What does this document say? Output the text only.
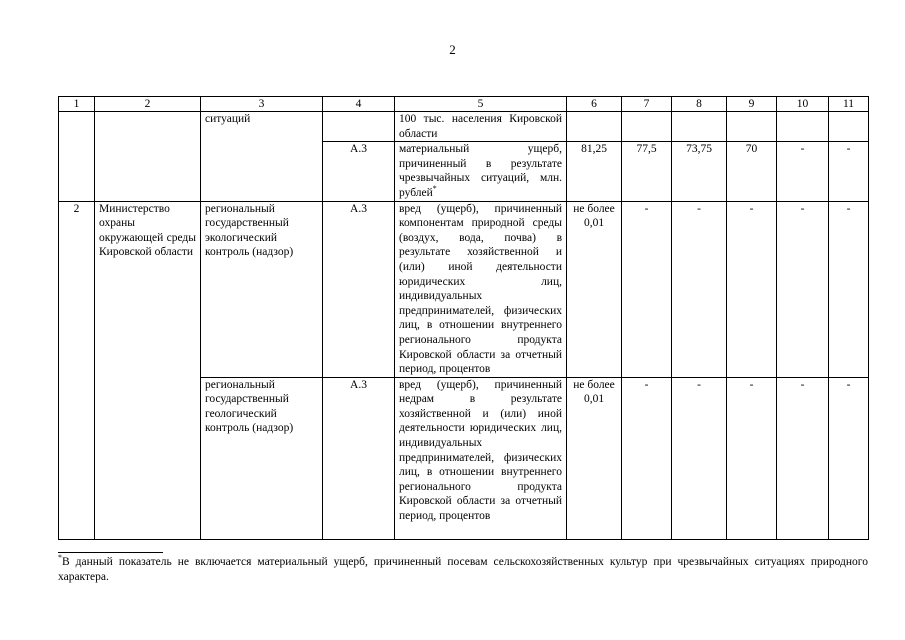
2
1	2	3	4	5	6	7	8	9	10	11
		ситуаций		100 тыс. населения Кировской области						
			А.3	материальный ущерб, причиненный в результате чрезвычайных ситуаций, млн. рублей*	81,25	77,5	73,75	70	-	-
2	Министерство охраны окружающей среды Кировской области	региональный государственный экологический контроль (надзор)	А.3	вред (ущерб), причиненный компонентам природной среды (воздух, вода, почва) в результате хозяйственной и (или) иной деятельности юридических лиц, индивидуальных предпринимателей, физических лиц, в отношении внутреннего регионального продукта Кировской области за отчетный период, процентов	не более 0,01	-	-	-	-	-
		региональный государственный геологический контроль (надзор)	А.3	вред (ущерб), причиненный недрам в результате хозяйственной и (или) иной деятельности юридических лиц, индивидуальных предпринимателей, физических лиц, в отношении внутреннего регионального продукта Кировской области за отчетный период, процентов	не более 0,01	-	-	-	-	-
*В данный показатель не включается материальный ущерб, причиненный посевам сельскохозяйственных культур при чрезвычайных ситуациях природного характера.
